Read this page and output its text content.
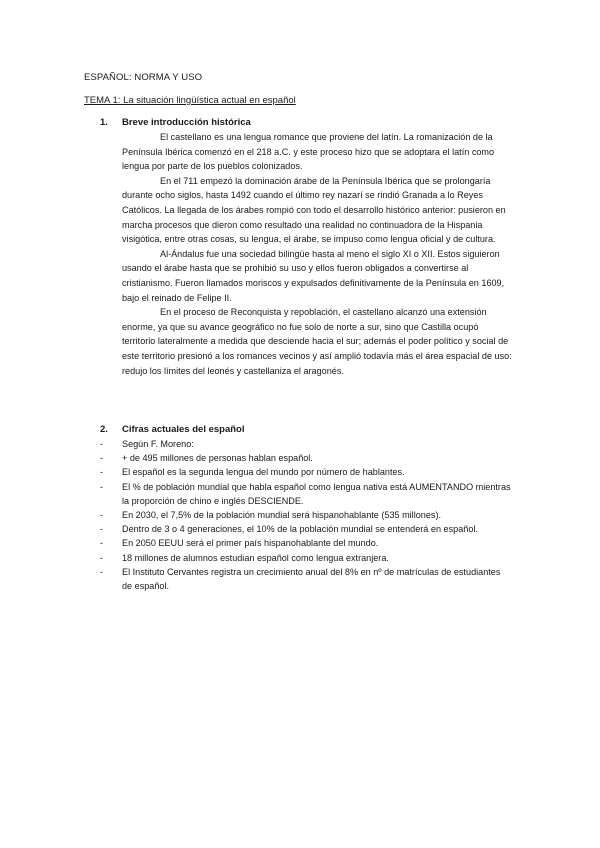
ESPAÑOL: NORMA Y USO
TEMA 1: La situación lingüística actual en español
1.	Breve introducción histórica

El castellano es una lengua romance que proviene del latín. La romanización de la Península Ibérica comenzó en el 218 a.C. y este proceso hizo que se adoptara el latín como lengua por parte de los pueblos colonizados.

En el 711 empezó la dominación árabe de la Península Ibérica que se prolongaría durante ocho siglos, hasta 1492 cuando el último rey nazarí se rindió Granada a lo Reyes Católicos. La llegada de los árabes rompió con todo el desarrollo histórico anterior: pusieron en marcha procesos que dieron como resultado una realidad no continuadora de la Hispania visigótica, entre otras cosas, su lengua, el árabe, se impuso como lengua oficial y de cultura.

Al-Ándalus fue una sociedad bilingüe hasta al meno el siglo XI o XII. Estos siguieron usando el árabe hasta que se prohibió su uso y ellos fueron obligados a convertirse al cristianismo. Fueron llamados moriscos y expulsados definitivamente de la Península en 1609, bajo el reinado de Felipe II.

En el proceso de Reconquista y repoblación, el castellano alcanzó una extensión enorme, ya que su avance geográfico no fue solo de norte a sur, sino que Castilla ocupó territorio lateralmente a medida que desciende hacia el sur; además el poder político y social de este territorio presionó a los romances vecinos y así amplió todavía más el área espacial de uso: redujo los límites del leonés y castellaniza el aragonés.

2.	Cifras actuales del español
-	Según F. Moreno:
-	+ de 495 millones de personas hablan español.
-	El español es la segunda lengua del mundo por número de hablantes.
-	El % de población mundial que habla español como lengua nativa está AUMENTANDO mientras la proporción de chino e inglés DESCIENDE.
-	En 2030, el 7,5% de la población mundial será hispanohablante (535 millones).
-	Dentro de 3 o 4 generaciones, el 10% de la población mundial se entenderá en español.
-	En 2050 EEUU será el primer país hispanohablante del mundo.
-	18 millones de alumnos estudian español como lengua extranjera.
-	El Instituto Cervantes registra un crecimiento anual del 8% en nº de matrículas de estudiantes de español.
